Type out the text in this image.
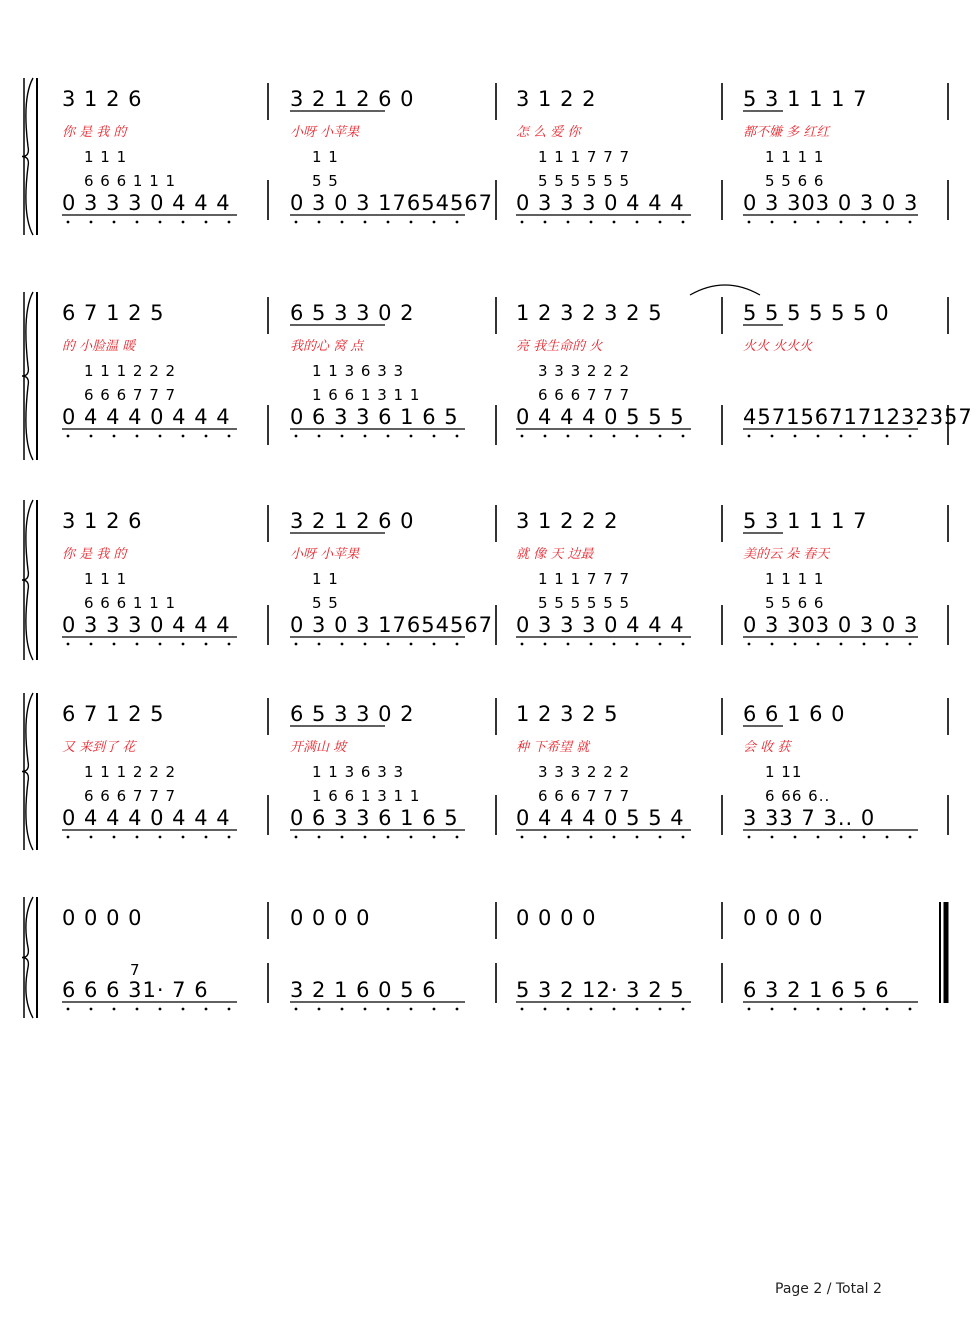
3 1 2 6
你 是 我 的
1 1 1
6 6 6 1 1 1
0 3 3 3 0 4 4 4
3 2 1 2 6 0
小呀 小苹果
1 1
5 5
0 3 0 3 17654567
3 1 2 2
怎 么 爱 你
1 1 1 7 7 7
5 5 5 5 5 5
0 3 3 3 0 4 4 4
5 3 1 1 1 7
都不嫌 多 红红
1 1 1 1
5 5 6 6
0 3 303 0 3 0 3
6 7 1 2 5
的 小脸温 暖
1 1 1 2 2 2
6 6 6 7 7 7
0 4 4 4 0 4 4 4
6 5 3 3 0 2
我的心 窝 点
1 1 3 6 3 3
1 6 6 1 3 1 1
0 6 3 3 6 1 6 5
1 2 3 2 3 2 5
亮 我生命的 火
3 3 3 2 2 2
6 6 6 7 7 7
0 4 4 4 0 5 5 5
5 5 5 5 5 5 0
火火 火火火
4571567171232357
3 1 2 6
你 是 我 的
1 1 1
6 6 6 1 1 1
0 3 3 3 0 4 4 4
3 2 1 2 6 0
小呀 小苹果
1 1
5 5
0 3 0 3 17654567
3 1 2 2 2
就 像 天 边最
1 1 1 7 7 7
5 5 5 5 5 5
0 3 3 3 0 4 4 4
5 3 1 1 1 7
美的云 朵 春天
1 1 1 1
5 5 6 6
0 3 303 0 3 0 3
6 7 1 2 5
又 来到了 花
1 1 1 2 2 2
6 6 6 7 7 7
0 4 4 4 0 4 4 4
6 5 3 3 0 2
开满山 坡
1 1 3 6 3 3
1 6 6 1 3 1 1
0 6 3 3 6 1 6 5
1 2 3 2 5
种 下希望 就
3 3 3 2 2 2
6 6 6 7 7 7
0 4 4 4 0 5 5 4
6 6 1 6 0
会 收 获
1 11
6 66 6..
3 33 7 3.. 0
0 0 0 0
7
6 6 6 31· 7 6
0 0 0 0
3 2 1 6 0 5 6
0 0 0 0
5 3 2 12· 3 2 5
0 0 0 0
6 3 2 1 6 5 6
Page 2 / Total 2
